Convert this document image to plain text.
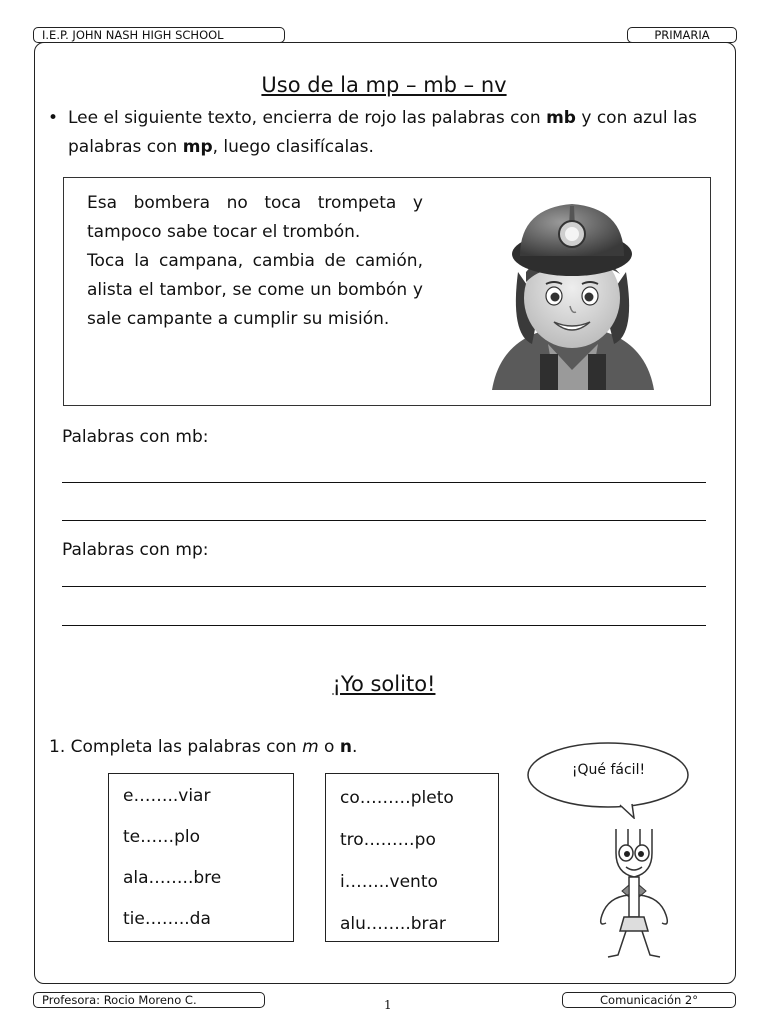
I.E.P. JOHN NASH HIGH SCHOOL	PRIMARIA
Uso de la mp – mb – nv
• Lee el siguiente texto, encierra de rojo las palabras con mb y con azul las palabras con mp, luego clasifícalas.

Esa bombera no toca trompeta y tampoco sabe tocar el trombón.

Toca la campana, cambia de camión, alista el tambor, se come un bombón y sale campante a cumplir su misión.

Palabras con mb:
Palabras con mp:
¡Yo solito!
1. Completa las palabras con m o n.
e……..viar
te……plo
ala……..bre
tie……..da
co………pleto
tro………po
i……..vento
alu……..brar
¡Qué fácil!
Profesora: Rocio Moreno C.	1	Comunicación 2°
